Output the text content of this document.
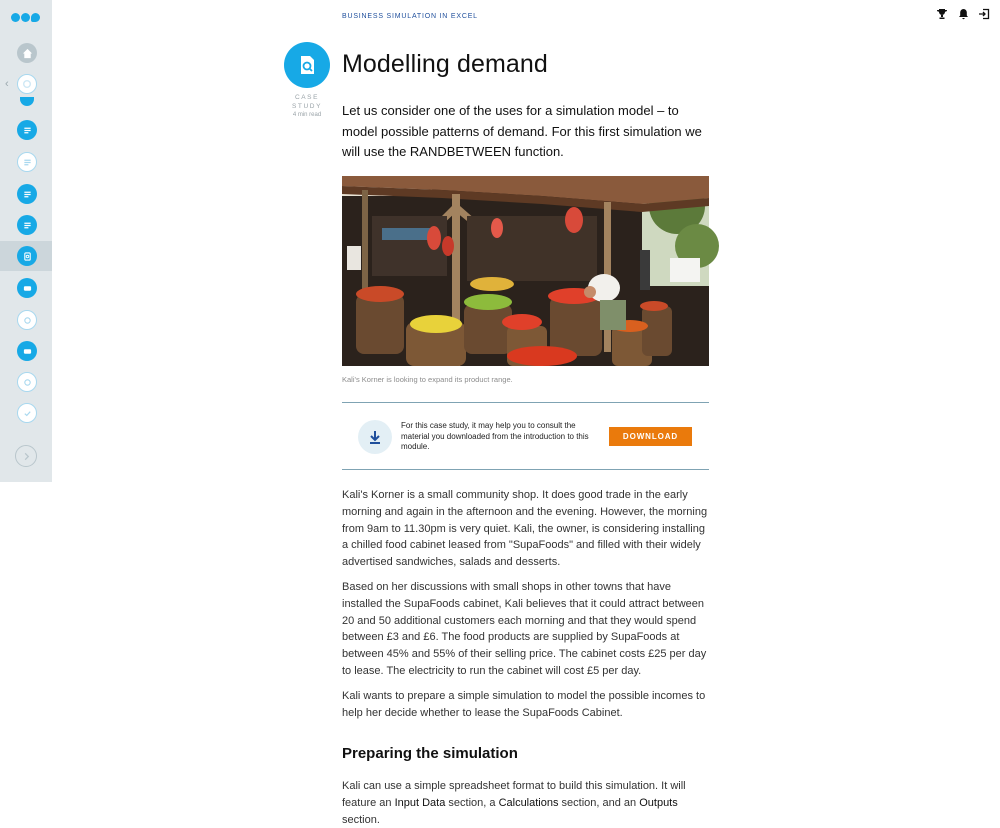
‹
BUSINESS SIMULATION IN EXCEL
CASE STUDY
4 min read
Modelling demand

Let us consider one of the uses for a simulation model – to model possible patterns of demand. For this first simulation we will use the RANDBETWEEN function.

Kali's Korner is looking to expand its product range.
For this case study, it may help you to consult the material you downloaded from the introduction to this module.
DOWNLOAD

Kali's Korner is a small community shop. It does good trade in the early morning and again in the afternoon and the evening. However, the morning from 9am to 11.30pm is very quiet. Kali, the owner, is considering installing a chilled food cabinet leased from "SupaFoods" and filled with their widely advertised sandwiches, salads and desserts.

Based on her discussions with small shops in other towns that have installed the SupaFoods cabinet, Kali believes that it could attract between 20 and 50 additional customers each morning and that they would spend between £3 and £6. The food products are supplied by SupaFoods at between 45% and 55% of their selling price. The cabinet costs £25 per day to lease. The electricity to run the cabinet will cost £5 per day.

Kali wants to prepare a simple simulation to model the possible incomes to help her decide whether to lease the SupaFoods Cabinet.

Preparing the simulation

Kali can use a simple spreadsheet format to build this simulation. It will feature an Input Data section, a Calculations section, and an Outputs section.
